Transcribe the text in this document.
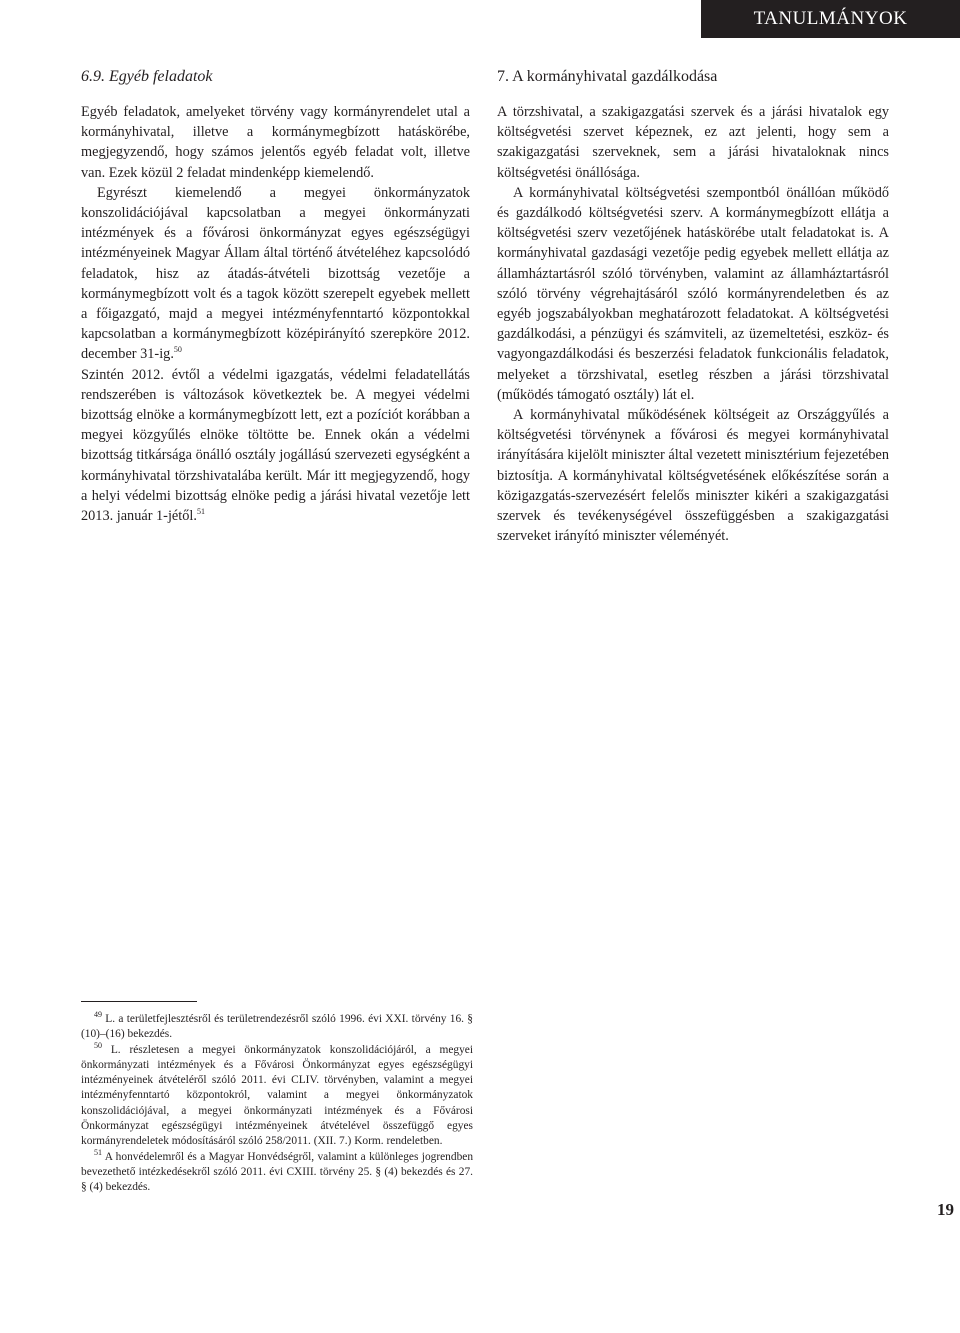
TANULMÁNYOK
6.9. Egyéb feladatok

Egyéb feladatok, amelyeket törvény vagy kormányrendelet utal a kormányhivatal, illetve a kormánymegbízott hatáskörébe, megjegyzendő, hogy számos jelentős egyéb feladat volt, illetve van. Ezek közül 2 feladat mindenképp kiemelendő.

Egyrészt kiemelendő a megyei önkormányzatok konszolidációjával kapcsolatban a megyei önkormányzati intézmények és a fővárosi önkormányzat egyes egészségügyi intézményeinek Magyar Állam által történő átvételéhez kapcsolódó feladatok, hisz az átadás-átvételi bizottság vezetője a kormánymegbízott volt és a tagok között szerepelt egyebek mellett a főigazgató, majd a megyei intézményfenntartó központokkal kapcsolatban a kormánymegbízott középirányító szerepköre 2012. december 31-ig.$^{50}$

Szintén 2012. évtől a védelmi igazgatás, védelmi feladatellátás rendszerében is változások következtek be. A megyei védelmi bizottság elnöke a kormánymegbízott lett, ezt a pozíciót korábban a megyei közgyűlés elnöke töltötte be. Ennek okán a védelmi bizottság titkársága önálló osztály jogállású szervezeti egységként a kormányhivatal törzshivatalába került. Már itt megjegyzendő, hogy a helyi védelmi bizottság elnöke pedig a járási hivatal vezetője lett 2013. január 1-jétől.$^{51}$

7. A kormányhivatal gazdálkodása

A törzshivatal, a szakigazgatási szervek és a járási hivatalok egy költségvetési szervet képeznek, ez azt jelenti, hogy sem a szakigazgatási szerveknek, sem a járási hivataloknak nincs költségvetési önállósága.

A kormányhivatal költségvetési szempontból önállóan működő és gazdálkodó költségvetési szerv. A kormánymegbízott ellátja a költségvetési szerv vezetőjének hatáskörébe utalt feladatokat is. A kormányhivatal gazdasági vezetője pedig egyebek mellett ellátja az államháztartásról szóló törvényben, valamint az államháztartásról szóló törvény végrehajtásáról szóló kormányrendeletben és az egyéb jogszabályokban meghatározott feladatokat. A költségvetési gazdálkodási, a pénzügyi és számviteli, az üzemeltetési, eszköz- és vagyongazdálkodási és beszerzési feladatok funkcionális feladatok, melyeket a törzshivatal, esetleg részben a járási törzshivatal (működés támogató osztály) lát el.

A kormányhivatal működésének költségeit az Országgyűlés a költségvetési törvénynek a fővárosi és megyei kormányhivatal irányítására kijelölt miniszter által vezetett minisztérium fejezetében biztosítja. A kormányhivatal költségvetésének előkészítése során a közigazgatás-szervezésért felelős miniszter kikéri a szakigazgatási szervek és tevékenységével összefüggésben a szakigazgatási szerveket irányító miniszter véleményét.

$^{49}$ L. a területfejlesztésről és területrendezésről szóló 1996. évi XXI. törvény 16. § (10)–(16) bekezdés.

$^{50}$ L. részletesen a megyei önkormányzatok konszolidációjáról, a megyei önkormányzati intézmények és a Fővárosi Önkormányzat egyes egészségügyi intézményeinek átvételéről szóló 2011. évi CLIV. törvényben, valamint a megyei intézményfenntartó központokról, valamint a megyei önkormányzatok konszolidációjával, a megyei önkormányzati intézmények és a Fővárosi Önkormányzat egészségügyi intézményeinek átvételével összefüggő egyes kormányrendeletek módosításáról szóló 258/2011. (XII. 7.) Korm. rendeletben.

$^{51}$ A honvédelemről és a Magyar Honvédségről, valamint a különleges jogrendben bevezethető intézkedésekről szóló 2011. évi CXIII. törvény 25. § (4) bekezdés és 27. § (4) bekezdés.

19
